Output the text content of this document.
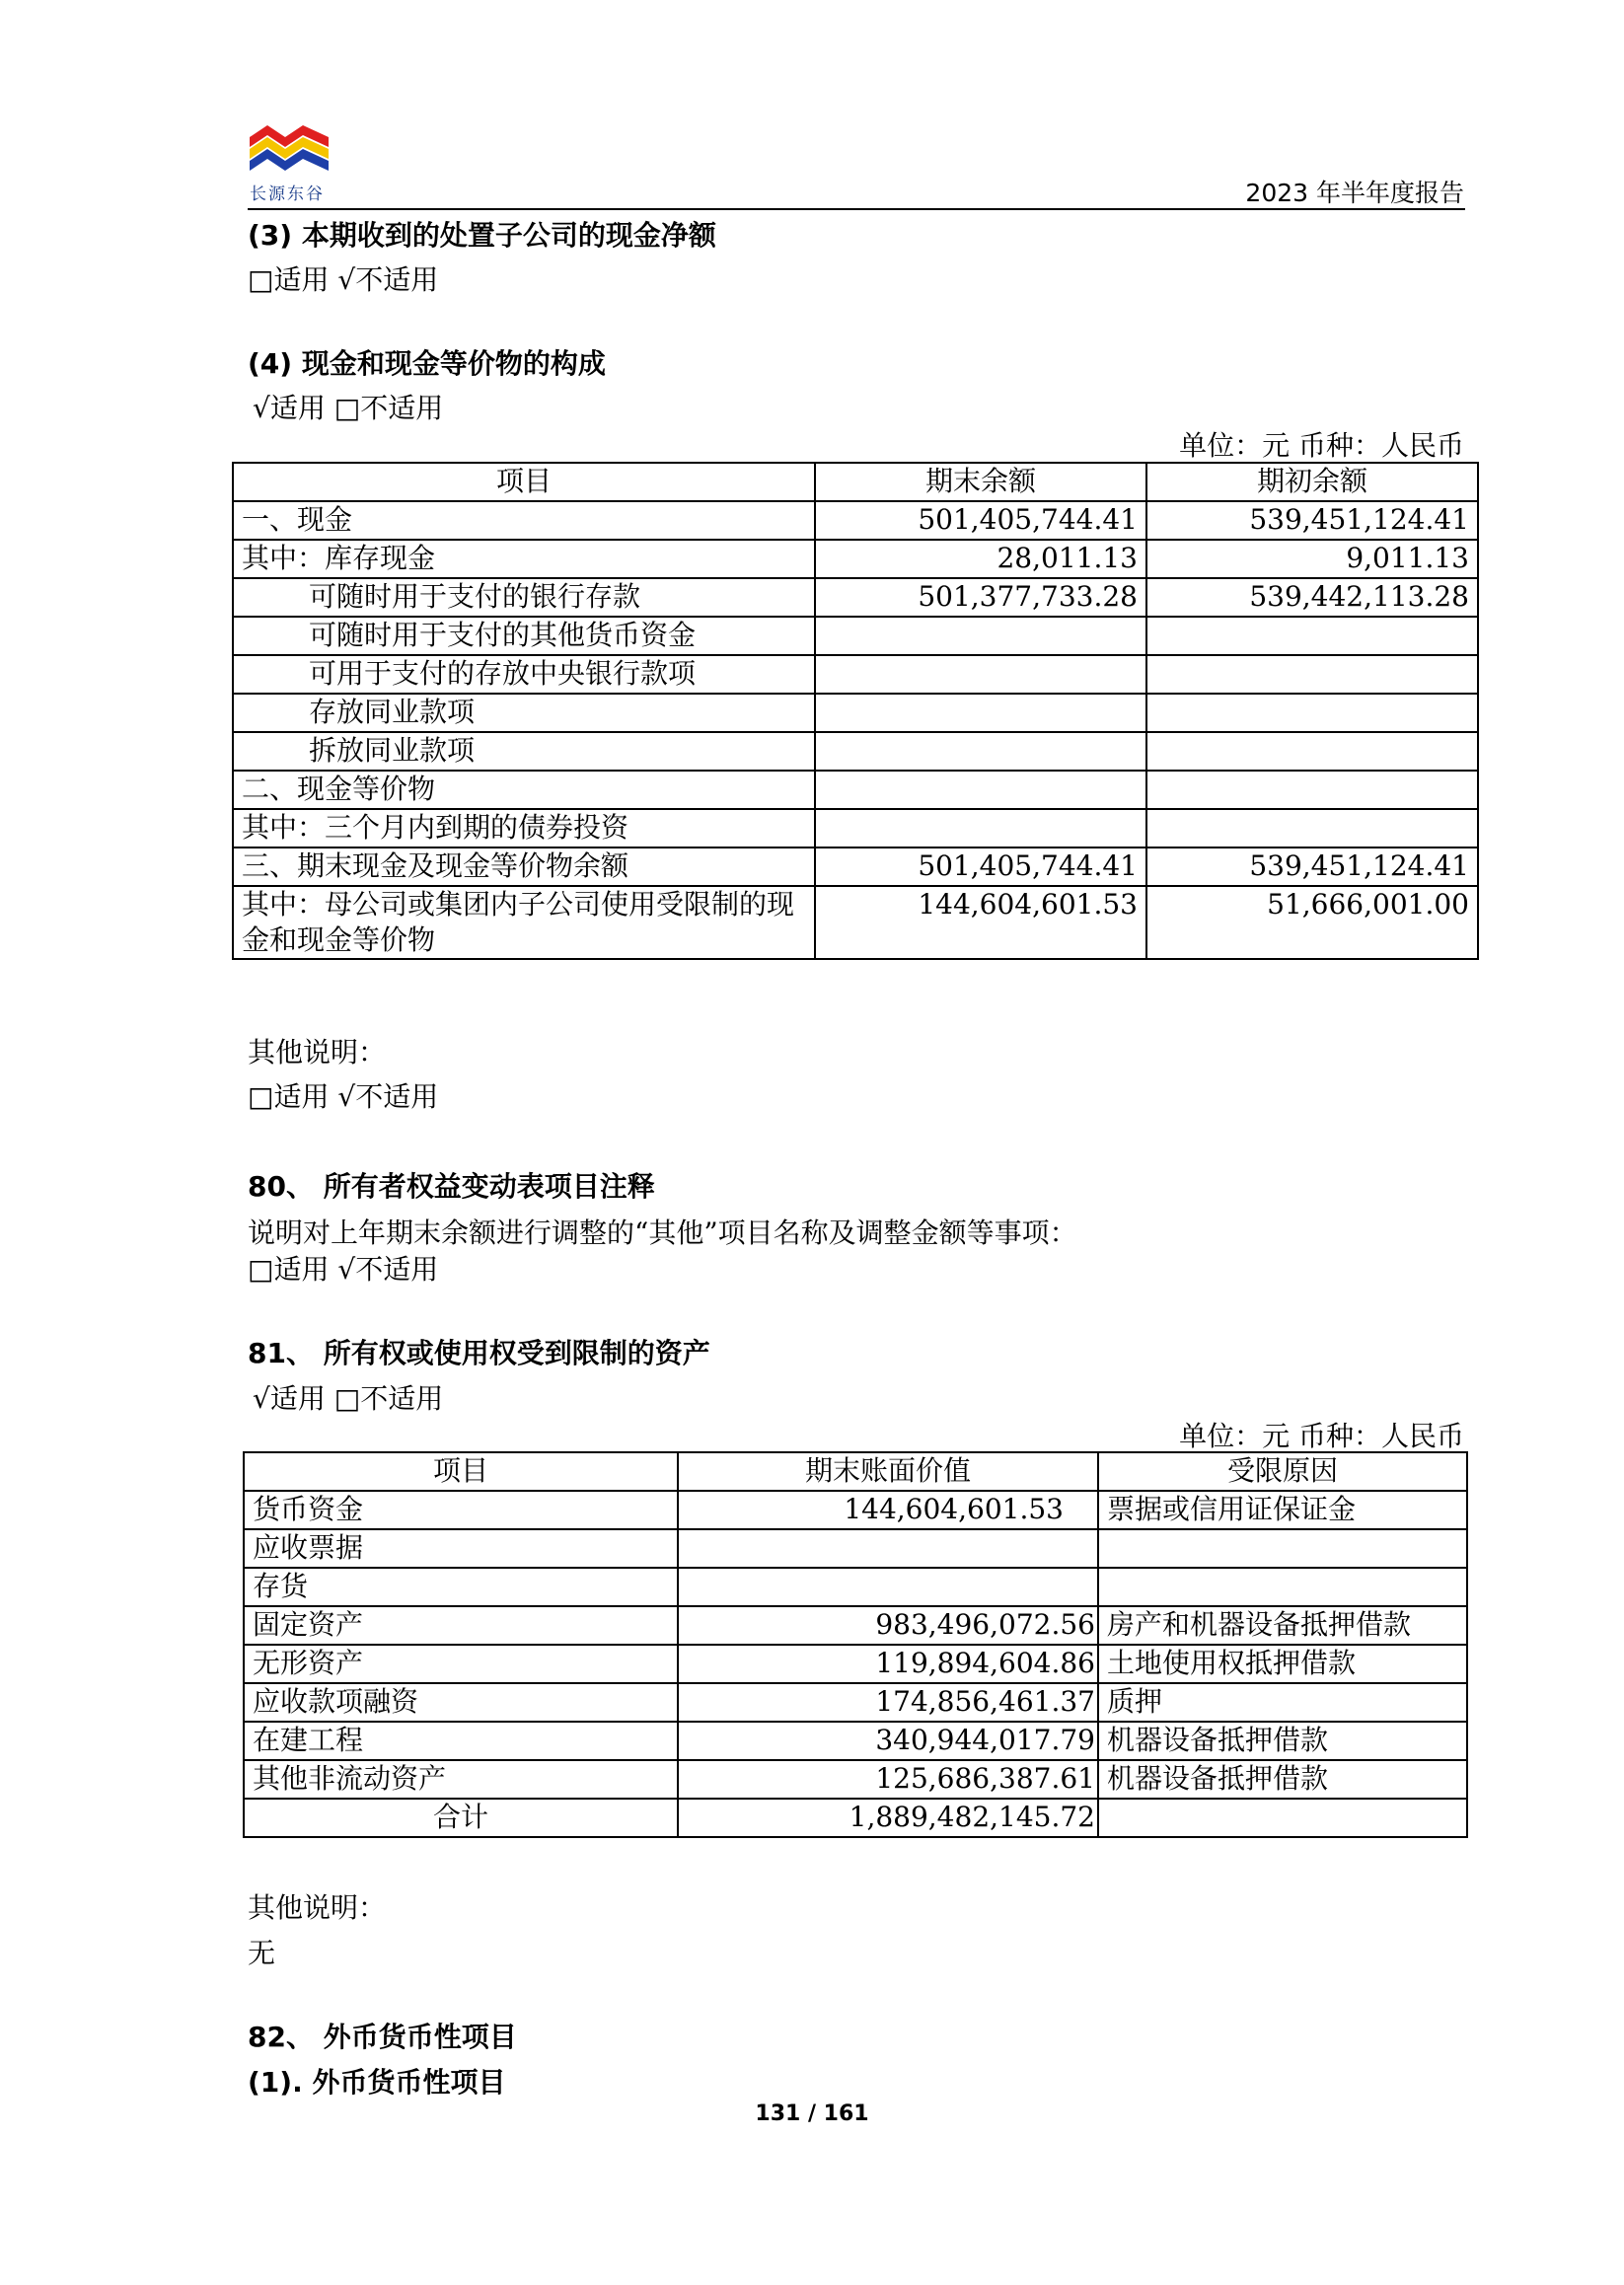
长源东谷	2023 年半年度报告
(3) 本期收到的处置子公司的现金净额
□适用 √不适用
(4) 现金和现金等价物的构成
√适用 □不适用
单位：元 币种：人民币
项目	期末余额	期初余额
一、现金	501,405,744.41	539,451,124.41
其中：库存现金	28,011.13	9,011.13
可随时用于支付的银行存款	501,377,733.28	539,442,113.28
可随时用于支付的其他货币资金		
可用于支付的存放中央银行款项		
存放同业款项		
拆放同业款项		
二、现金等价物		
其中：三个月内到期的债券投资		
三、期末现金及现金等价物余额	501,405,744.41	539,451,124.41
其中：母公司或集团内子公司使用受限制的现金和现金等价物	144,604,601.53	51,666,001.00
其他说明：
□适用 √不适用
80、 所有者权益变动表项目注释
说明对上年期末余额进行调整的“其他”项目名称及调整金额等事项：
□适用 √不适用
81、 所有权或使用权受到限制的资产
√适用 □不适用
单位：元 币种：人民币
项目	期末账面价值	受限原因
货币资金	144,604,601.53	票据或信用证保证金
应收票据		
存货		
固定资产	983,496,072.56	房产和机器设备抵押借款
无形资产	119,894,604.86	土地使用权抵押借款
应收款项融资	174,856,461.37	质押
在建工程	340,944,017.79	机器设备抵押借款
其他非流动资产	125,686,387.61	机器设备抵押借款
合计	1,889,482,145.72	
其他说明：
无
82、 外币货币性项目
(1). 外币货币性项目
131 / 161
